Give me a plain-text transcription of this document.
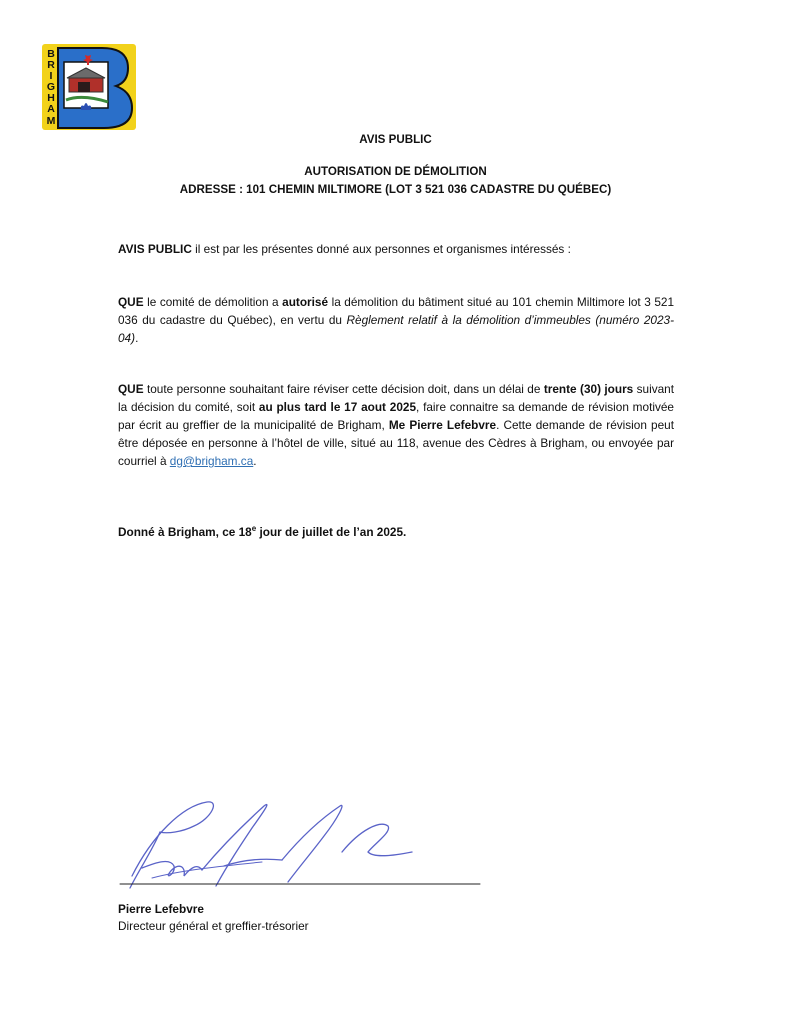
B
R
I
G
H
A
M
AVIS PUBLIC
AUTORISATION DE DÉMOLITION
ADRESSE : 101 CHEMIN MILTIMORE (LOT 3 521 036 CADASTRE DU QUÉBEC)
AVIS PUBLIC il est par les présentes donné aux personnes et organismes intéressés :
QUE le comité de démolition a autorisé la démolition du bâtiment situé au 101 chemin Miltimore lot 3 521 036 du cadastre du Québec), en vertu du Règlement relatif à la démolition d’immeubles (numéro 2023-04).
QUE toute personne souhaitant faire réviser cette décision doit, dans un délai de trente (30) jours suivant la décision du comité, soit au plus tard le 17 aout 2025, faire connaitre sa demande de révision motivée par écrit au greffier de la municipalité de Brigham, Me Pierre Lefebvre. Cette demande de révision peut être déposée en personne à l’hôtel de ville, situé au 118, avenue des Cèdres à Brigham, ou envoyée par courriel à dg@brigham.ca.
Donné à Brigham, ce 18e jour de juillet de l’an 2025.
Pierre Lefebvre
Directeur général et greffier-trésorier
